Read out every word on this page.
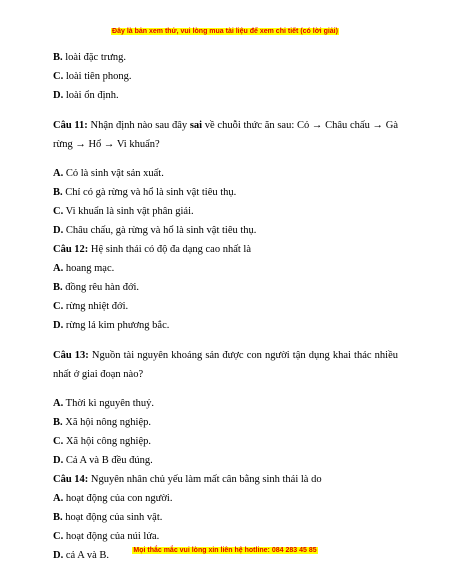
Đây là bản xem thử, vui lòng mua tài liệu để xem chi tiết (có lời giải)

B. loài đặc trưng.

C. loài tiên phong.

D. loài ổn định.

Câu 11: Nhận định nào sau đây sai về chuỗi thức ăn sau: Cỏ → Châu chấu → Gà rừng → Hổ → Vi khuẩn?

A. Cỏ là sinh vật sản xuất.

B. Chỉ có gà rừng và hổ là sinh vật tiêu thụ.

C. Vi khuẩn là sinh vật phân giải.

D. Châu chấu, gà rừng và hổ là sinh vật tiêu thụ.

Câu 12: Hệ sinh thái có độ đa dạng cao nhất là

A. hoang mạc.

B. đồng rêu hàn đới.

C. rừng nhiệt đới.

D. rừng lá kim phương bắc.

Câu 13: Nguồn tài nguyên khoáng sản được con người tận dụng khai thác nhiều nhất ở giai đoạn nào?

A. Thời kì nguyên thuỷ.

B. Xã hội nông nghiệp.

C. Xã hội công nghiệp.

D. Cả A và B đều đúng.

Câu 14: Nguyên nhân chủ yếu làm mất cân bằng sinh thái là do

A. hoạt động của con người.

B. hoạt động của sinh vật.

C. hoạt động của núi lửa.

D. cả A và B.	Mọi thắc mắc vui lòng xin liên hệ hotline: 084 283 45 85
